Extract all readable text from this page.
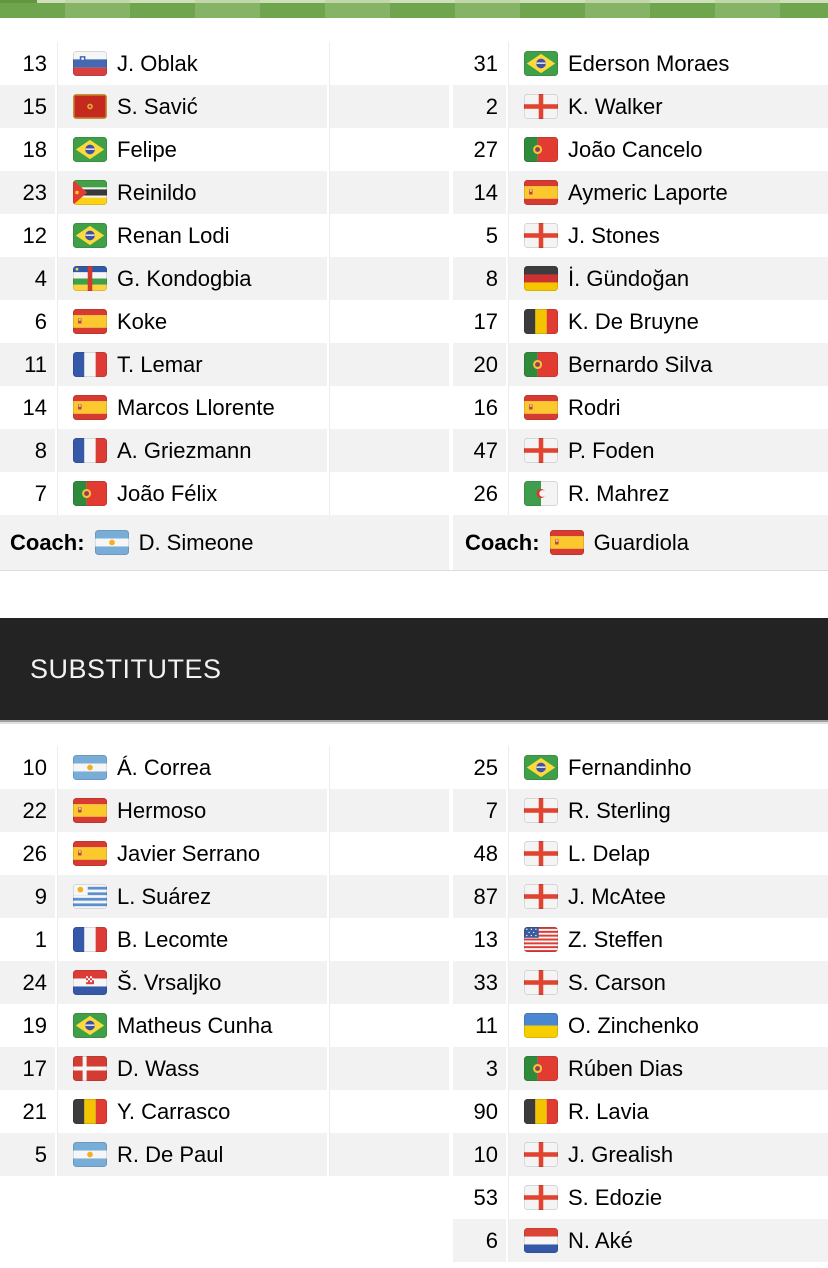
13	J. Oblak	31	Ederson Moraes
15	S. Savić	2	K. Walker
18	Felipe	27	João Cancelo
23	Reinildo	14	Aymeric Laporte
12	Renan Lodi	5	J. Stones
4	G. Kondogbia	8	İ. Gündoğan
6	Koke	17	K. De Bruyne
11	T. Lemar	20	Bernardo Silva
14	Marcos Llorente	16	Rodri
8	A. Griezmann	47	P. Foden
7	João Félix	26	R. Mahrez
Coach: D. Simeone	Coach: Guardiola
SUBSTITUTES
10	Á. Correa	25	Fernandinho
22	Hermoso	7	R. Sterling
26	Javier Serrano	48	L. Delap
9	L. Suárez	87	J. McAtee
1	B. Lecomte	13	Z. Steffen
24	Š. Vrsaljko	33	S. Carson
19	Matheus Cunha	11	O. Zinchenko
17	D. Wass	3	Rúben Dias
21	Y. Carrasco	90	R. Lavia
5	R. De Paul	10	J. Grealish
53	S. Edozie
6	N. Aké
